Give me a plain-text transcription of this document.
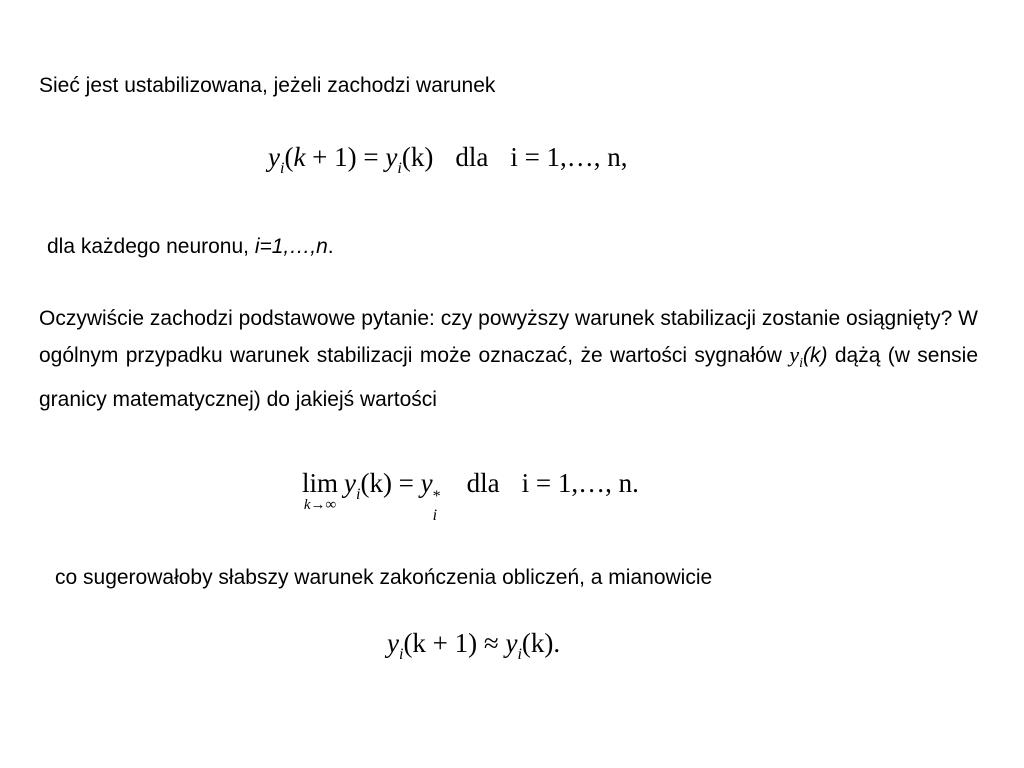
Sieć jest ustabilizowana, jeżeli zachodzi warunek
$y_i(k + 1) = y_i(k)$ dla i = 1,…, n,
dla każdego neuronu, i=1,…,n.
Oczywiście zachodzi podstawowe pytanie: czy powyższy warunek stabilizacji zostanie osiągnięty? W ogólnym przypadku warunek stabilizacji może oznaczać, że wartości sygnałów $y_i(k)$ dążą (w sensie granicy matematycznej) do jakiejś wartości
lim
k→∞
$y_i(k) = y$ *
i
dla i = 1,…, n.
co sugerowałoby słabszy warunek zakończenia obliczeń, a mianowicie
$y_i(k + 1) \approx y_i(k)$.
